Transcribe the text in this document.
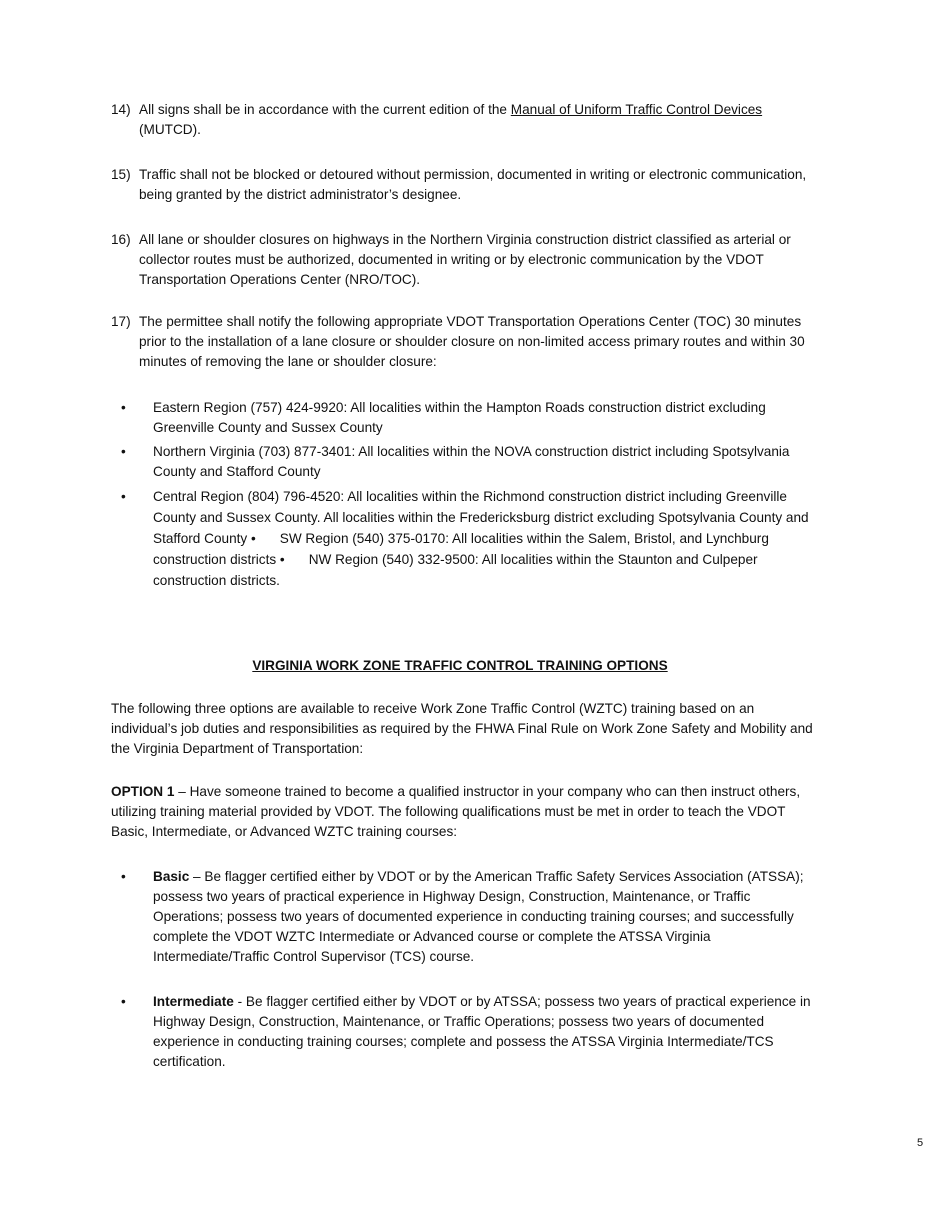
14) All signs shall be in accordance with the current edition of the Manual of Uniform Traffic Control Devices (MUTCD).
15) Traffic shall not be blocked or detoured without permission, documented in writing or electronic communication, being granted by the district administrator’s designee.
16) All lane or shoulder closures on highways in the Northern Virginia construction district classified as arterial or collector routes must be authorized, documented in writing or by electronic communication by the VDOT Transportation Operations Center (NRO/TOC).
17) The permittee shall notify the following appropriate VDOT Transportation Operations Center (TOC) 30 minutes prior to the installation of a lane closure or shoulder closure on non-limited access primary routes and within 30 minutes of removing the lane or shoulder closure:
• Eastern Region (757) 424-9920: All localities within the Hampton Roads construction district excluding Greenville County and Sussex County
• Northern Virginia (703) 877-3401: All localities within the NOVA construction district including Spotsylvania County and Stafford County
• Central Region (804) 796-4520: All localities within the Richmond construction district including Greenville County and Sussex County. All localities within the Fredericksburg district excluding Spotsylvania County and Stafford County • SW Region (540) 375-0170: All localities within the Salem, Bristol, and Lynchburg construction districts • NW Region (540) 332-9500: All localities within the Staunton and Culpeper construction districts.
VIRGINIA WORK ZONE TRAFFIC CONTROL TRAINING OPTIONS
The following three options are available to receive Work Zone Traffic Control (WZTC) training based on an individual’s job duties and responsibilities as required by the FHWA Final Rule on Work Zone Safety and Mobility and the Virginia Department of Transportation:
OPTION 1 – Have someone trained to become a qualified instructor in your company who can then instruct others, utilizing training material provided by VDOT. The following qualifications must be met in order to teach the VDOT Basic, Intermediate, or Advanced WZTC training courses:
• Basic – Be flagger certified either by VDOT or by the American Traffic Safety Services Association (ATSSA); possess two years of practical experience in Highway Design, Construction, Maintenance, or Traffic Operations; possess two years of documented experience in conducting training courses; and successfully complete the VDOT WZTC Intermediate or Advanced course or complete the ATSSA Virginia Intermediate/Traffic Control Supervisor (TCS) course.
• Intermediate - Be flagger certified either by VDOT or by ATSSA; possess two years of practical experience in Highway Design, Construction, Maintenance, or Traffic Operations; possess two years of documented experience in conducting training courses; complete and possess the ATSSA Virginia Intermediate/TCS certification.
5
